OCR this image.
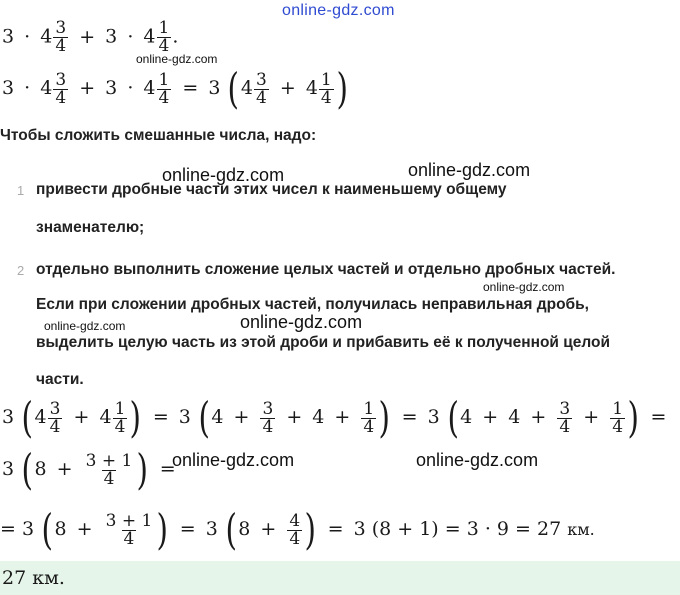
online-gdz.com
$3 \cdot 4 \frac{3}{4} + 3 \cdot 4 \frac{1}{4}$ .
online-gdz.com
$3 \cdot 4 \frac{3}{4} + 3 \cdot 4 \frac{1}{4} = 3$ ($4 \frac{3}{4} + 4 \frac{1}{4}$ )
Чтобы сложить смешанные числа, надо:
online-gdz.com	online-gdz.com
1 привести дробные части этих чисел к наименьшему общему
знаменателю;
2 отдельно выполнить сложение целых частей и отдельно дробных частей.
Если при сложении дробных частей, получилась неправильная дробь,
выделить целую часть из этой дроби и прибавить её к полученной целой
части.
online-gdz.com
online-gdz.com	online-gdz.com
3 ($4 \frac{3}{4} + 4 \frac{1}{4}$ ) = 3 ($4 + \frac{3}{4} + 4 + \frac{1}{4}$ ) = 3 ($4 + 4 + \frac{3}{4} + \frac{1}{4}$ ) =
3 ($8 + \frac{3 + 1}{4}$ ) =
online-gdz.com	online-gdz.com
= 3 ($8 + \frac{3 + 1}{4}$ ) = 3 ($8 + \frac{4}{4}$ ) = 3 (8 + 1) = 3 · 9 = 27 км.
27 км.
